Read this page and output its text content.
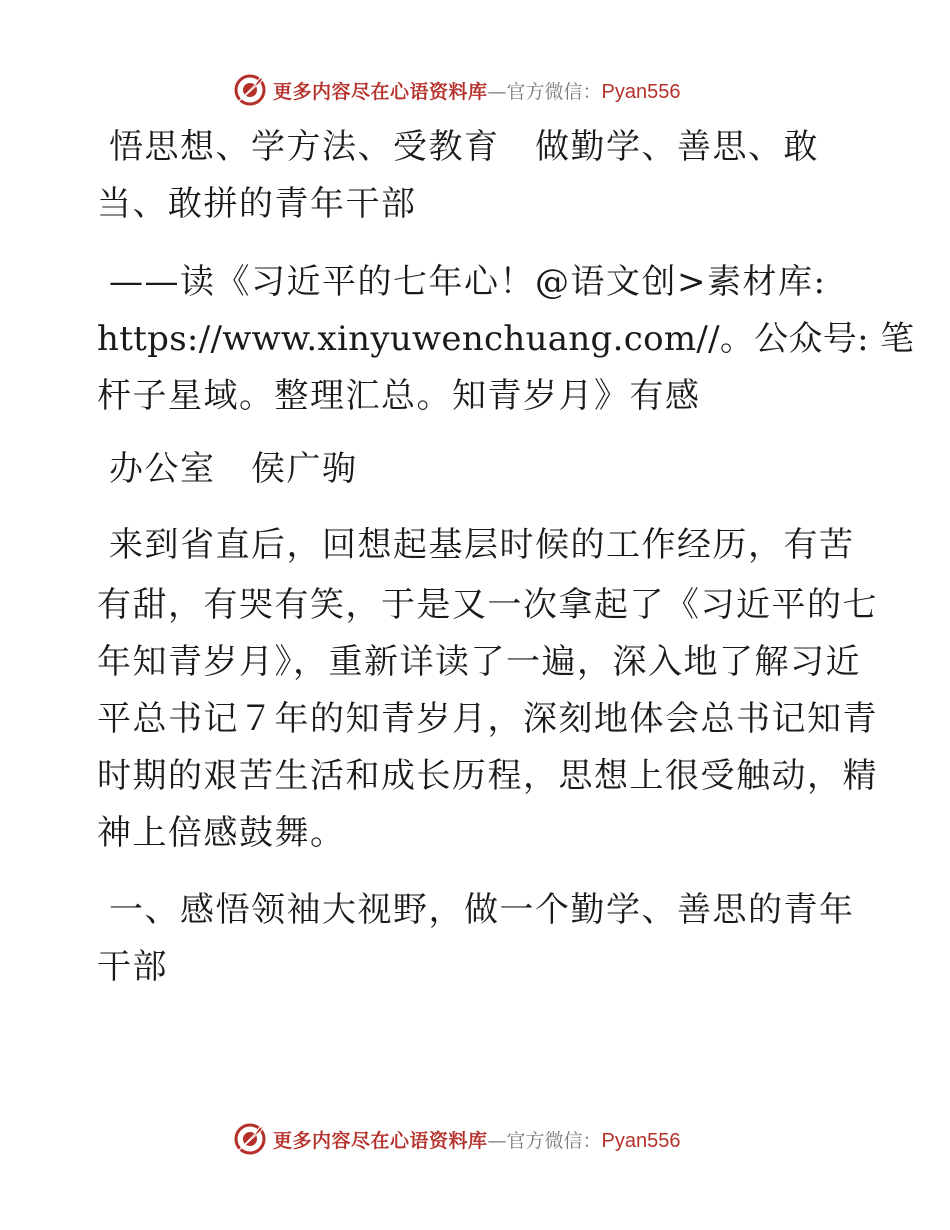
更多内容尽在心语资料库—官方微信：Pyan556
悟思想、学方法、受教育　做勤学、善思、敢
当、敢拼的青年干部
——读《习近平的七年心！@语文创>素材库:
https://www.xinyuwenchuang.com//。公众号: 笔
杆子星域。整理汇总。知青岁月》有感
办公室　侯广驹
来到省直后，回想起基层时候的工作经历，有苦
有甜，有哭有笑，于是又一次拿起了《习近平的七
年知青岁月》，重新详读了一遍，深入地了解习近
平总书记７年的知青岁月，深刻地体会总书记知青
时期的艰苦生活和成长历程，思想上很受触动，精
神上倍感鼓舞。
一、感悟领袖大视野，做一个勤学、善思的青年
干部
更多内容尽在心语资料库—官方微信：Pyan556
